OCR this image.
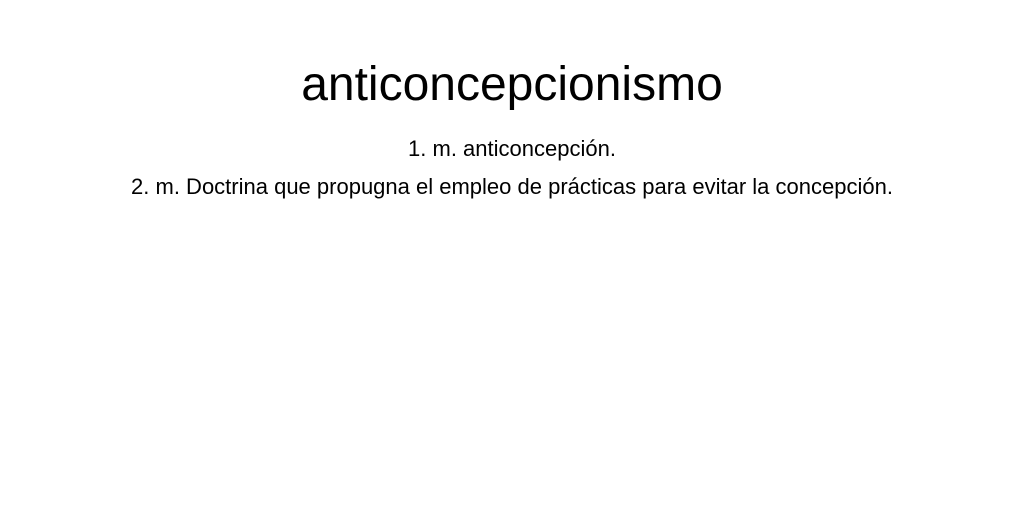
anticoncepcionismo
1. m. anticoncepción.
2. m. Doctrina que propugna el empleo de prácticas para evitar la concepción.
